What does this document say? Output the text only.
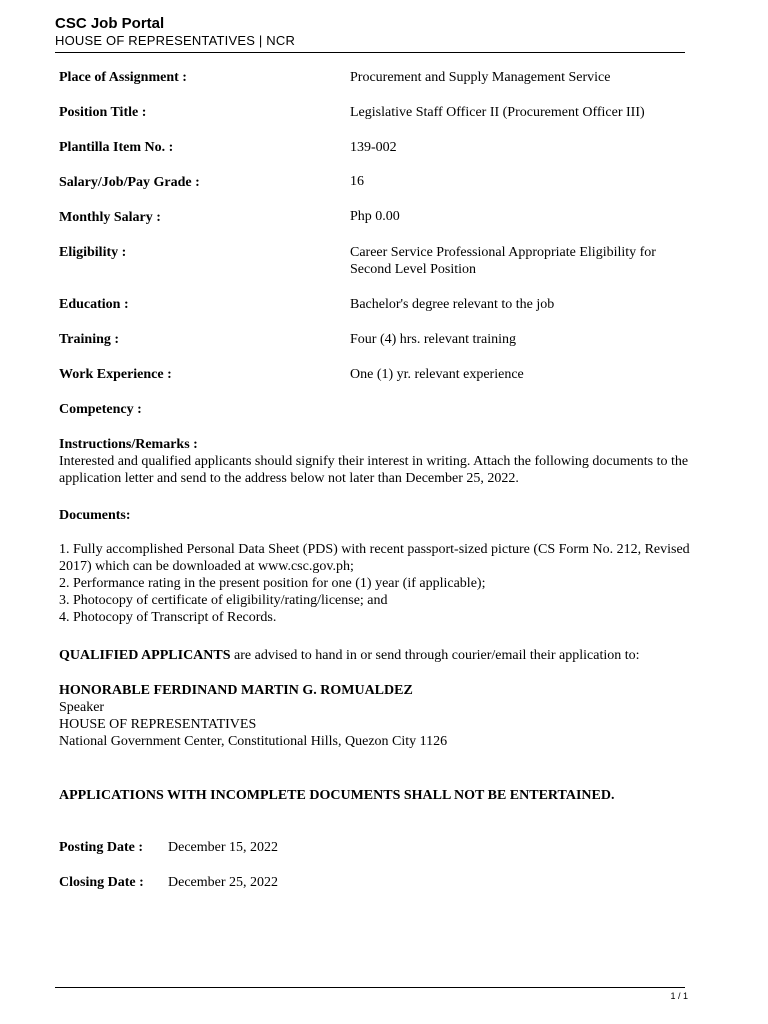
CSC Job Portal
HOUSE OF REPRESENTATIVES | NCR
Place of Assignment :	Procurement and Supply Management Service
Position Title :	Legislative Staff Officer II (Procurement Officer III)
Plantilla Item No. :	139-002
Salary/Job/Pay Grade :	16
Monthly Salary :	Php 0.00
Eligibility :	Career Service Professional Appropriate Eligibility for Second Level Position
Education :	Bachelor's degree relevant to the job
Training :	Four (4) hrs. relevant training
Work Experience :	One (1) yr. relevant experience
Competency :
Instructions/Remarks :
Interested and qualified applicants should signify their interest in writing. Attach the following documents to the application letter and send to the address below not later than December 25, 2022.
Documents:
1. Fully accomplished Personal Data Sheet (PDS) with recent passport-sized picture (CS Form No. 212, Revised 2017) which can be downloaded at www.csc.gov.ph;
2. Performance rating in the present position for one (1) year (if applicable);
3. Photocopy of certificate of eligibility/rating/license; and
4. Photocopy of Transcript of Records.
QUALIFIED APPLICANTS are advised to hand in or send through courier/email their application to:
HONORABLE FERDINAND MARTIN G. ROMUALDEZ
Speaker
HOUSE OF REPRESENTATIVES
National Government Center, Constitutional Hills, Quezon City 1126
APPLICATIONS WITH INCOMPLETE DOCUMENTS SHALL NOT BE ENTERTAINED.
Posting Date : December 15, 2022
Closing Date : December 25, 2022
1 / 1
